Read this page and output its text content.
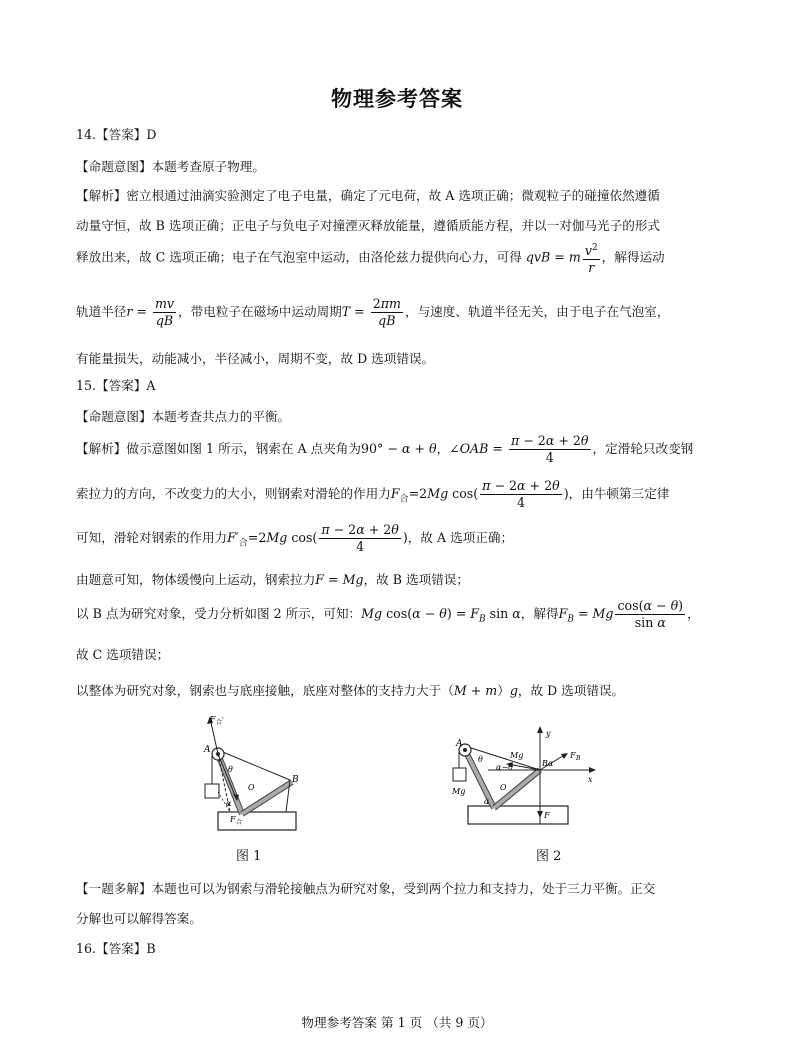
物理参考答案
14.【答案】D
【命题意图】本题考查原子物理。
【解析】密立根通过油滴实验测定了电子电量，确定了元电荷，故 A 选项正确；微观粒子的碰撞依然遵循
动量守恒，故 B 选项正确；正电子与负电子对撞湮灭释放能量，遵循质能方程，并以一对伽马光子的形式
释放出来，故 C 选项正确；电子在气泡室中运动，由洛伦兹力提供向心力，可得 qvB = m $\frac{v^2}{r}$ ，解得运动
轨道半径$r = \frac{mv}{qB}$ ，带电粒子在磁场中运动周期$T = \frac{2\pi m}{qB}$ ，与速度、轨道半径无关，由于电子在气泡室，
有能量损失，动能减小，半径减小，周期不变，故 D 选项错误。
15.【答案】A
【命题意图】本题考查共点力的平衡。
【解析】做示意图如图 1 所示，钢索在 A 点夹角为90° − α + θ，∠OAB = $\frac{\pi - 2\alpha + 2\theta}{4}$ ，定滑轮只改变钢
索拉力的方向，不改变力的大小，则钢索对滑轮的作用力$F_合=2Mg$ $\cos( \frac{\pi - 2\alpha + 2\theta}{4}$ )，由牛顿第三定律
可知，滑轮对钢索的作用力$F'_合=2Mg$ $\cos( \frac{\pi - 2\alpha + 2\theta}{4}$ )，故 A 选项正确；
由题意可知，物体缓慢向上运动，钢索拉力F = Mg，故 B 选项错误；
以 B 点为研究对象，受力分析如图 2 所示，可知：Mg $\cos(\alpha - \theta) = F_B$ sin α，解得$F_B = Mg \frac{\cos(\alpha - \theta)}{\text{sin α}}$ ，
故 C 选项错误；
以整体为研究对象，钢索也与底座接触，底座对整体的支持力大于（M + m）g，故 D 选项错误。
A
F 合 ′
θ
O
B
α
F 合
图 1
A
y
x
Mg	F B
Bα
θ
α−θ
O
α
Mg
F
图 2
【一题多解】本题也可以为钢索与滑轮接触点为研究对象，受到两个拉力和支持力，处于三力平衡。正交
分解也可以解得答案。
16.【答案】B
物理参考答案 第 1 页 （共 9 页）
